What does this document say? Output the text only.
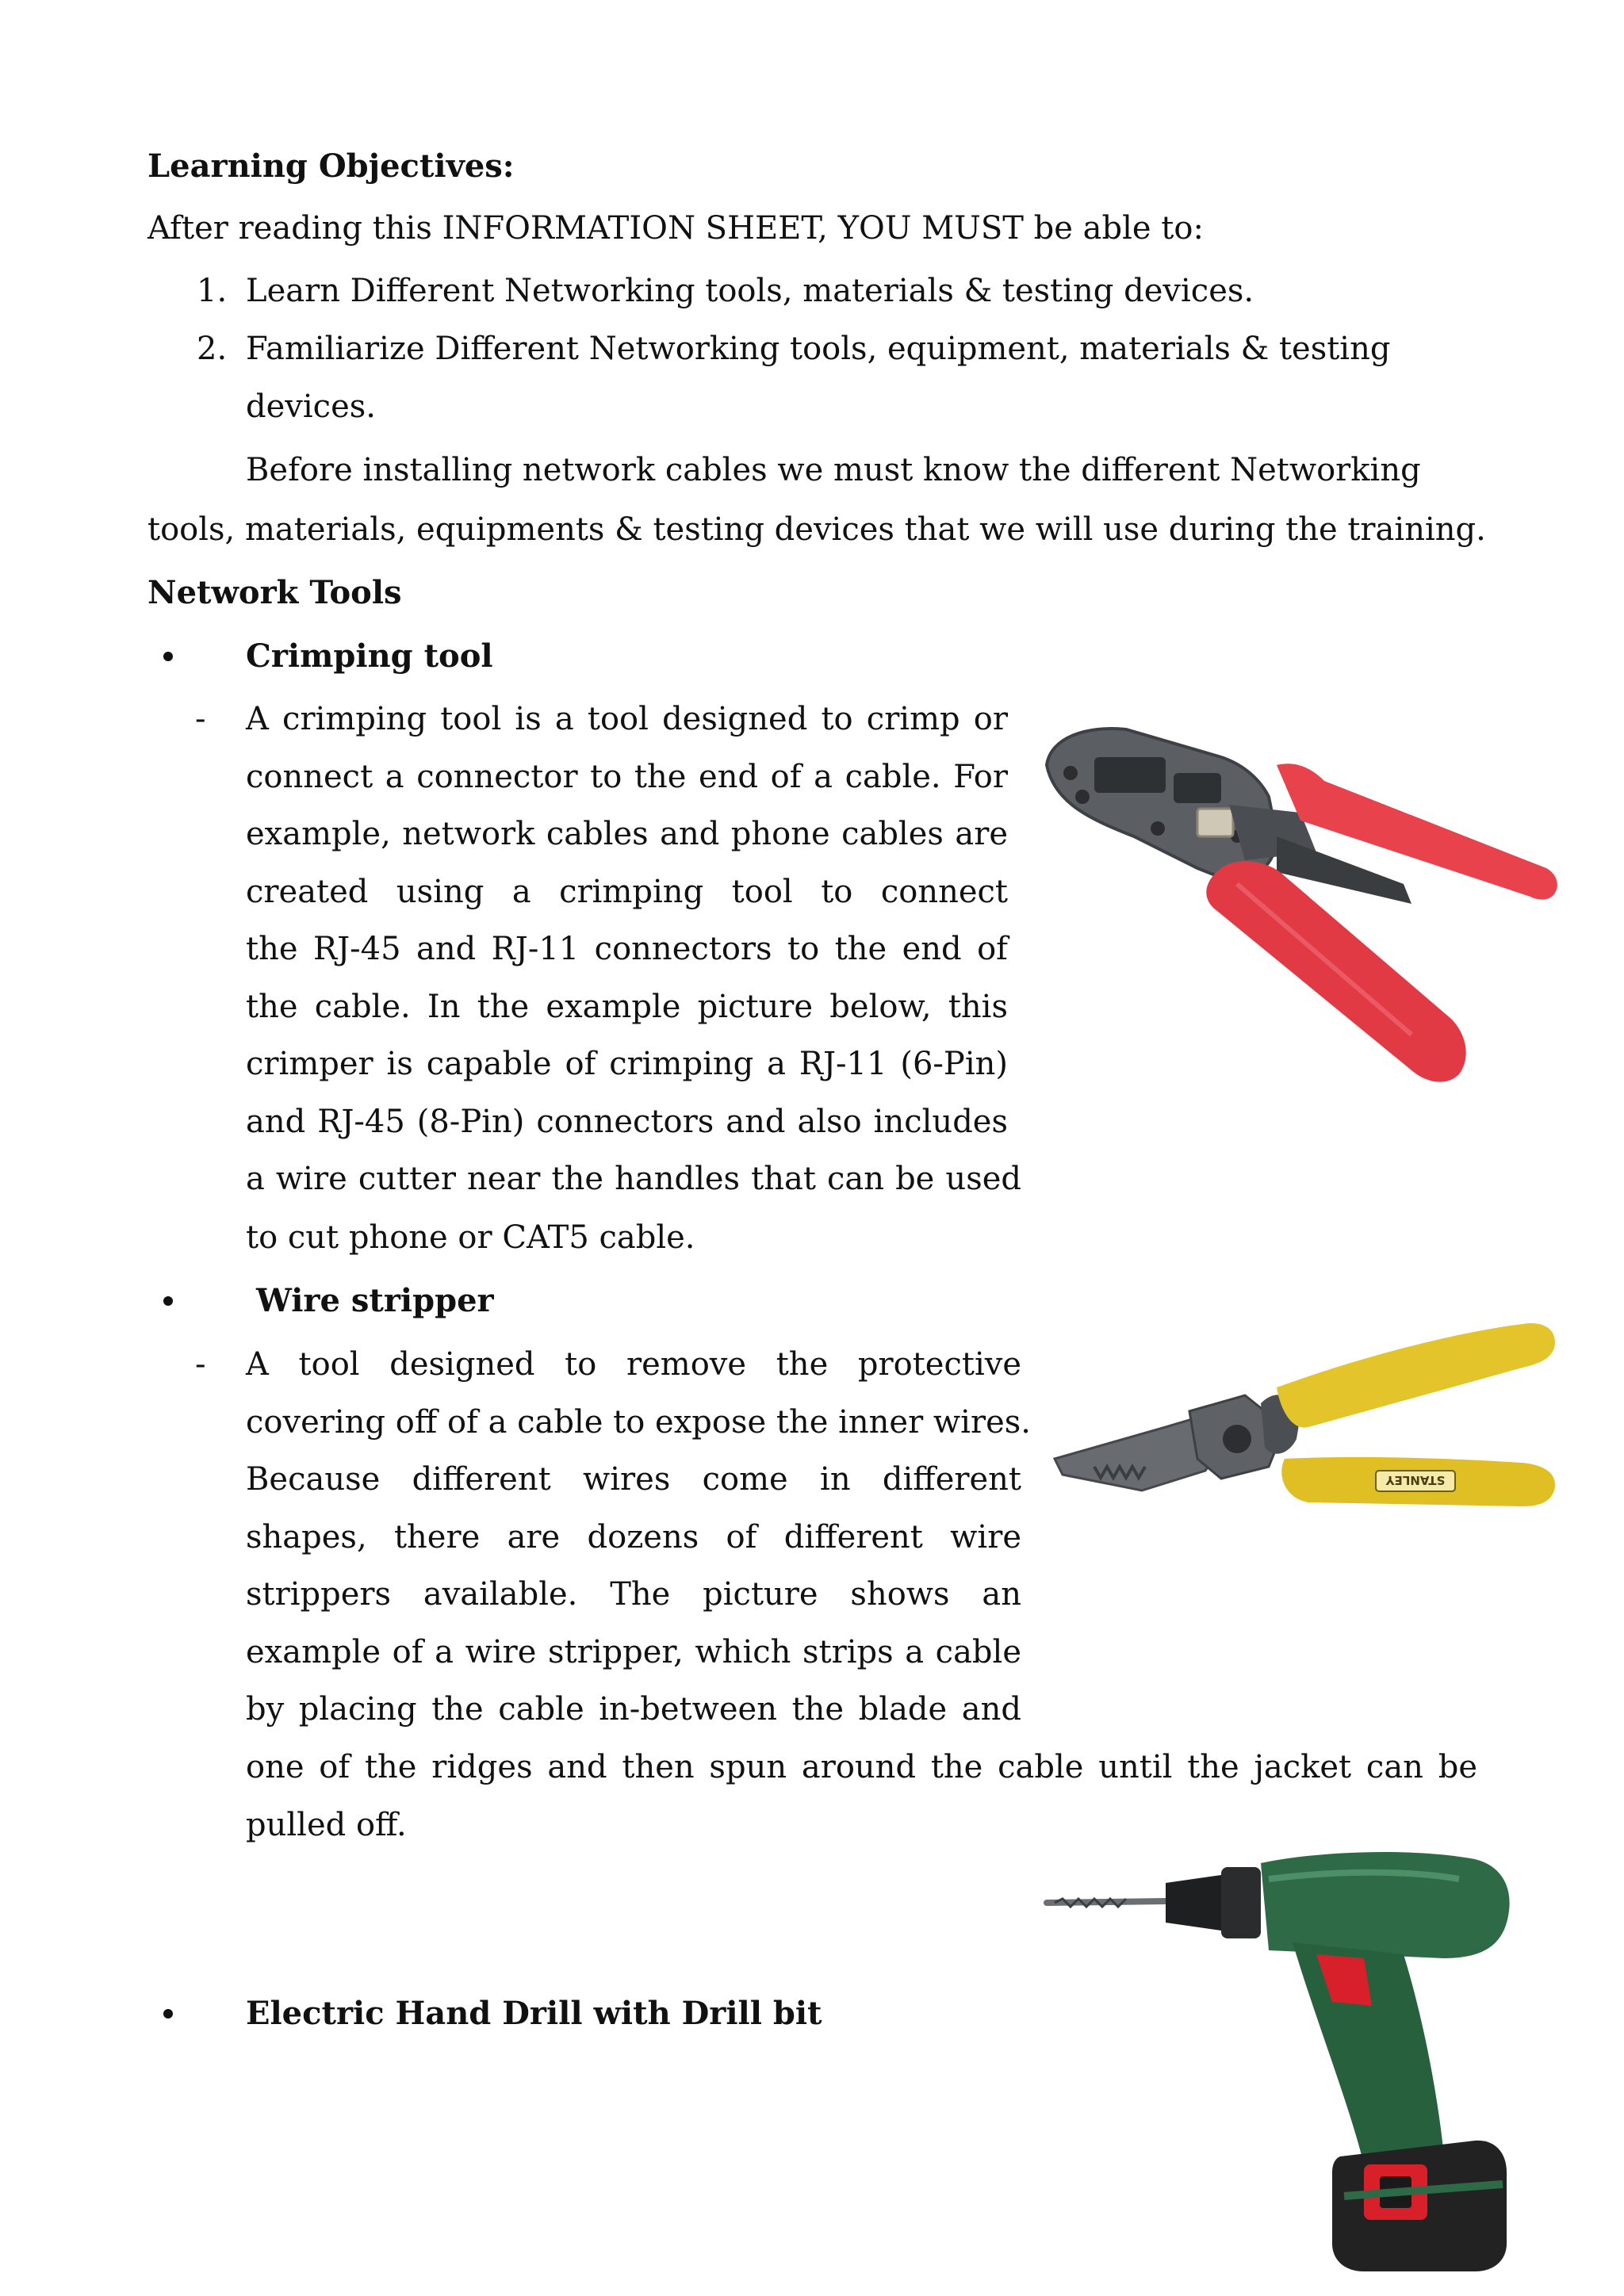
Learning Objectives:
After reading this INFORMATION SHEET, YOU MUST be able to:
1. Learn Different Networking tools, materials & testing devices.
2. Familiarize Different Networking tools, equipment, materials & testing
devices.
Before installing network cables we must know the different Networking
tools, materials, equipments & testing devices that we will use during the training.
Network Tools
Crimping tool
- A crimping tool is a tool designed to crimp or
connect a connector to the end of a cable. For
example, network cables and phone cables are
created using a crimping tool to connect
the RJ-45 and RJ-11 connectors to the end of
the cable. In the example picture below, this
crimper is capable of crimping a RJ-11 (6-Pin)
and RJ-45 (8-Pin) connectors and also includes
a wire cutter near the handles that can be used
to cut phone or CAT5 cable.
Wire stripper
- A tool designed to remove the protective
covering off of a cable to expose the inner wires.
Because different wires come in different
shapes, there are dozens of different wire
strippers available. The picture shows an
example of a wire stripper, which strips a cable
by placing the cable in-between the blade and
one of the ridges and then spun around the cable until the jacket can be
pulled off.
Electric Hand Drill with Drill bit
STANLEY
